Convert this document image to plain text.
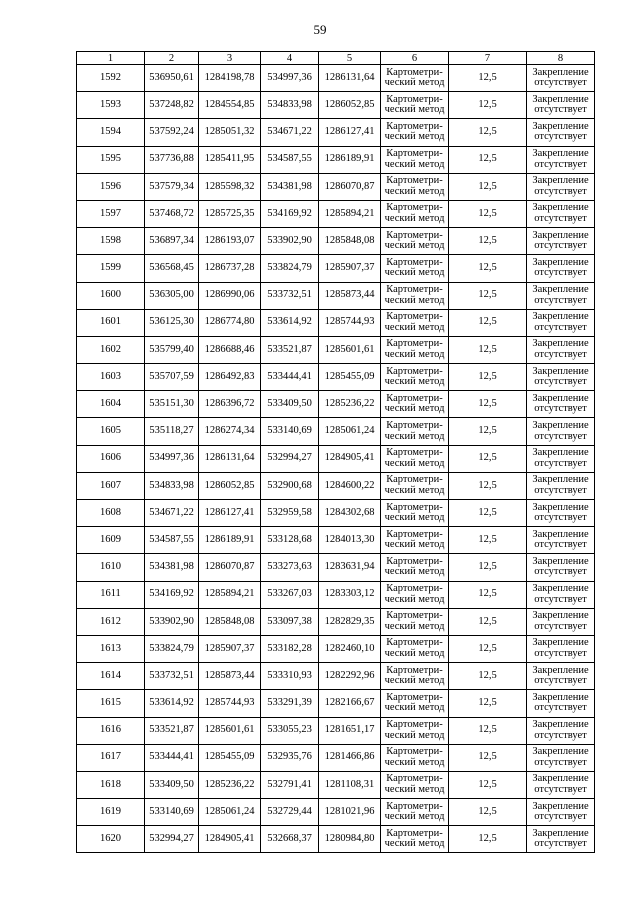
59
1	2	3	4	5	6	7	8
1592	536950,61	1284198,78	534997,36	1286131,64	Картометри-
ческий метод	12,5	Закрепление
отсутствует

1593	537248,82	1284554,85	534833,98	1286052,85	Картометри-
ческий метод	12,5	Закрепление
отсутствует

1594	537592,24	1285051,32	534671,22	1286127,41	Картометри-
ческий метод	12,5	Закрепление
отсутствует

1595	537736,88	1285411,95	534587,55	1286189,91	Картометри-
ческий метод	12,5	Закрепление
отсутствует

1596	537579,34	1285598,32	534381,98	1286070,87	Картометри-
ческий метод	12,5	Закрепление
отсутствует

1597	537468,72	1285725,35	534169,92	1285894,21	Картометри-
ческий метод	12,5	Закрепление
отсутствует

1598	536897,34	1286193,07	533902,90	1285848,08	Картометри-
ческий метод	12,5	Закрепление
отсутствует

1599	536568,45	1286737,28	533824,79	1285907,37	Картометри-
ческий метод	12,5	Закрепление
отсутствует

1600	536305,00	1286990,06	533732,51	1285873,44	Картометри-
ческий метод	12,5	Закрепление
отсутствует

1601	536125,30	1286774,80	533614,92	1285744,93	Картометри-
ческий метод	12,5	Закрепление
отсутствует

1602	535799,40	1286688,46	533521,87	1285601,61	Картометри-
ческий метод	12,5	Закрепление
отсутствует

1603	535707,59	1286492,83	533444,41	1285455,09	Картометри-
ческий метод	12,5	Закрепление
отсутствует

1604	535151,30	1286396,72	533409,50	1285236,22	Картометри-
ческий метод	12,5	Закрепление
отсутствует

1605	535118,27	1286274,34	533140,69	1285061,24	Картометри-
ческий метод	12,5	Закрепление
отсутствует

1606	534997,36	1286131,64	532994,27	1284905,41	Картометри-
ческий метод	12,5	Закрепление
отсутствует

1607	534833,98	1286052,85	532900,68	1284600,22	Картометри-
ческий метод	12,5	Закрепление
отсутствует

1608	534671,22	1286127,41	532959,58	1284302,68	Картометри-
ческий метод	12,5	Закрепление
отсутствует

1609	534587,55	1286189,91	533128,68	1284013,30	Картометри-
ческий метод	12,5	Закрепление
отсутствует

1610	534381,98	1286070,87	533273,63	1283631,94	Картометри-
ческий метод	12,5	Закрепление
отсутствует

1611	534169,92	1285894,21	533267,03	1283303,12	Картометри-
ческий метод	12,5	Закрепление
отсутствует

1612	533902,90	1285848,08	533097,38	1282829,35	Картометри-
ческий метод	12,5	Закрепление
отсутствует

1613	533824,79	1285907,37	533182,28	1282460,10	Картометри-
ческий метод	12,5	Закрепление
отсутствует

1614	533732,51	1285873,44	533310,93	1282292,96	Картометри-
ческий метод	12,5	Закрепление
отсутствует

1615	533614,92	1285744,93	533291,39	1282166,67	Картометри-
ческий метод	12,5	Закрепление
отсутствует

1616	533521,87	1285601,61	533055,23	1281651,17	Картометри-
ческий метод	12,5	Закрепление
отсутствует

1617	533444,41	1285455,09	532935,76	1281466,86	Картометри-
ческий метод	12,5	Закрепление
отсутствует

1618	533409,50	1285236,22	532791,41	1281108,31	Картометри-
ческий метод	12,5	Закрепление
отсутствует

1619	533140,69	1285061,24	532729,44	1281021,96	Картометри-
ческий метод	12,5	Закрепление
отсутствует

1620	532994,27	1284905,41	532668,37	1280984,80	Картометри-
ческий метод	12,5	Закрепление
отсутствует
